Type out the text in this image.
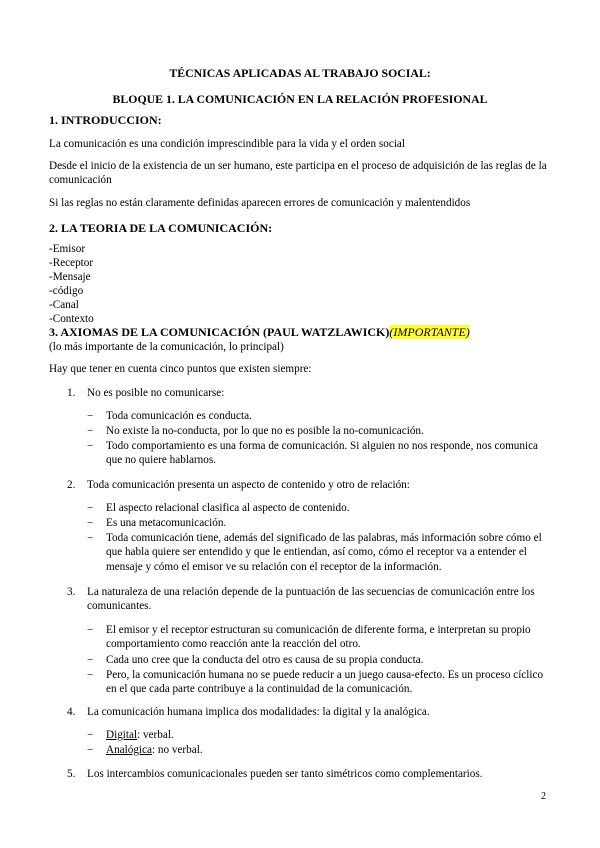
TÉCNICAS APLICADAS AL TRABAJO SOCIAL:
BLOQUE 1. LA COMUNICACIÓN EN LA RELACIÓN PROFESIONAL
1. INTRODUCCION:
La comunicación es una condición imprescindible para la vida y el orden social
Desde el inicio de la existencia de un ser humano, este participa en el proceso de adquisición de las reglas de la comunicación
Si las reglas no están claramente definidas aparecen errores de comunicación y malentendidos
2. LA TEORIA DE LA COMUNICACIÓN:
-Emisor
-Receptor
-Mensaje
-código
-Canal
-Contexto
3. AXIOMAS DE LA COMUNICACIÓN (PAUL WATZLAWICK)(IMPORTANTE)
(lo más importante de la comunicación, lo principal)
Hay que tener en cuenta cinco puntos que existen siempre:
1. No es posible no comunicarse:
− Toda comunicación es conducta.
− No existe la no-conducta, por lo que no es posible la no-comunicación.
− Todo comportamiento es una forma de comunicación. Si alguien no nos responde, nos comunica que no quiere hablarnos.
2. Toda comunicación presenta un aspecto de contenido y otro de relación:
− El aspecto relacional clasifica al aspecto de contenido.
− Es una metacomunicación.
− Toda comunicación tiene, además del significado de las palabras, más información sobre cómo el que habla quiere ser entendido y que le entiendan, así como, cómo el receptor va a entender el mensaje y cómo el emisor ve su relación con el receptor de la información.
3. La naturaleza de una relación depende de la puntuación de las secuencias de comunicación entre los comunicantes.
− El emisor y el receptor estructuran su comunicación de diferente forma, e interpretan su propio comportamiento como reacción ante la reacción del otro.
− Cada uno cree que la conducta del otro es causa de su propia conducta.
− Pero, la comunicación humana no se puede reducir a un juego causa-efecto. Es un proceso cíclico en el que cada parte contribuye a la continuidad de la comunicación.
4. La comunicación humana implica dos modalidades: la digital y la analógica.
− Digital: verbal.
− Analógica: no verbal.
5. Los intercambios comunicacionales pueden ser tanto simétricos como complementarios.
2
